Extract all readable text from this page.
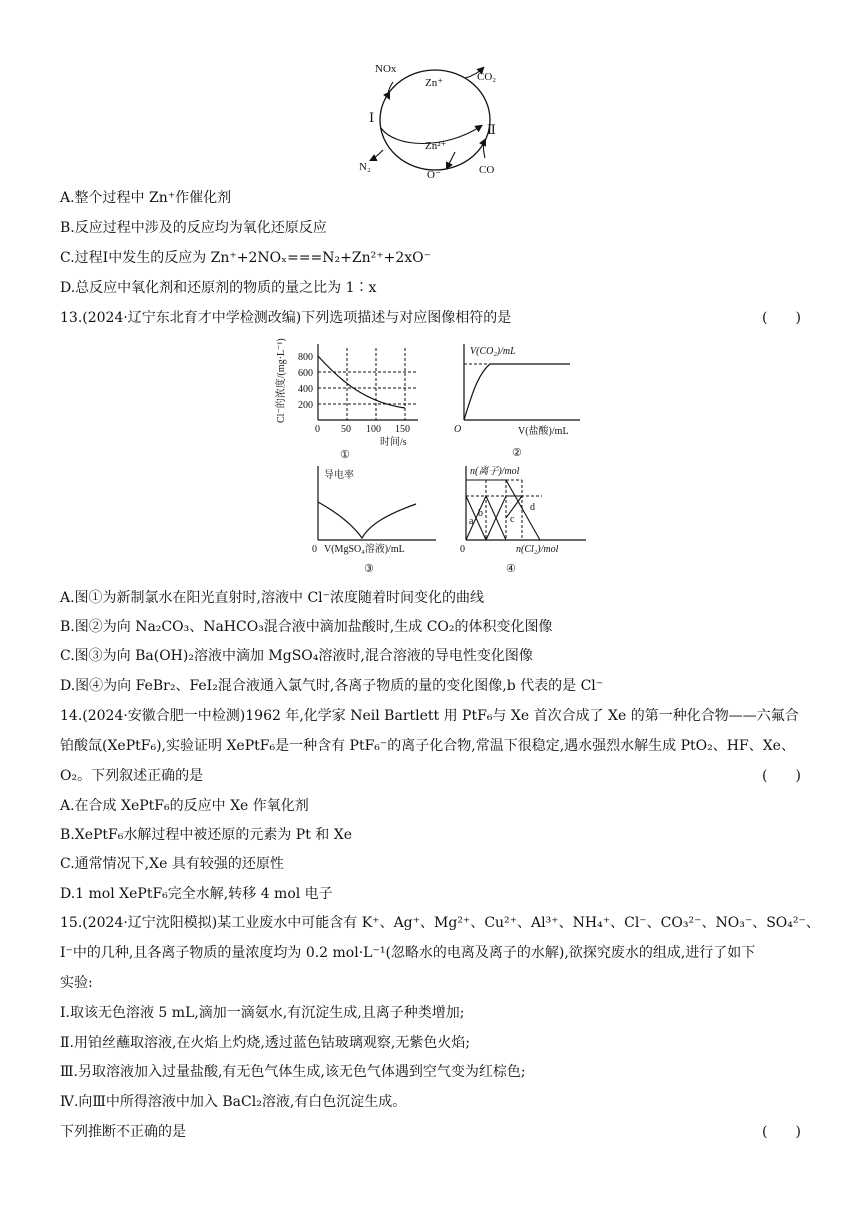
NOx
Zn⁺	CO₂
Ⅰ
Ⅱ
Zn²⁺
N₂
O⁻	CO
A.整个过程中 Zn⁺作催化剂
B.反应过程中涉及的反应均为氧化还原反应
C.过程Ⅰ中发生的反应为 Zn⁺+2NOₓ===N₂+Zn²⁺+2xO⁻
D.总反应中氧化剂和还原剂的物质的量之比为 1∶x
13.(2024·辽宁东北育才中学检测改编)下列选项描述与对应图像相符的是	(　　)
Cl⁻的浓度/(mg·L⁻¹) 800
600
400
200
0 50 100 150
时间/s
①
V(CO₂)/mL
O	V(盐酸)/mL
②
导电率
0 V(MgSO₄溶液)/mL
③
n(离子)/mol
a
b
c
d
0	n(Cl₂)/mol
④
A.图①为新制氯水在阳光直射时,溶液中 Cl⁻浓度随着时间变化的曲线
B.图②为向 Na₂CO₃、NaHCO₃混合液中滴加盐酸时,生成 CO₂的体积变化图像
C.图③为向 Ba(OH)₂溶液中滴加 MgSO₄溶液时,混合溶液的导电性变化图像
D.图④为向 FeBr₂、FeI₂混合液通入氯气时,各离子物质的量的变化图像,b 代表的是 Cl⁻
14.(2024·安徽合肥一中检测)1962 年,化学家 Neil Bartlett 用 PtF₆与 Xe 首次合成了 Xe 的第一种化合物——六氟合
铂酸氙(XePtF₆),实验证明 XePtF₆是一种含有 PtF₆⁻的离子化合物,常温下很稳定,遇水强烈水解生成 PtO₂、HF、Xe、
O₂。下列叙述正确的是	(　　)
A.在合成 XePtF₆的反应中 Xe 作氧化剂
B.XePtF₆水解过程中被还原的元素为 Pt 和 Xe
C.通常情况下,Xe 具有较强的还原性
D.1 mol XePtF₆完全水解,转移 4 mol 电子
15.(2024·辽宁沈阳模拟)某工业废水中可能含有 K⁺、Ag⁺、Mg²⁺、Cu²⁺、Al³⁺、NH₄⁺、Cl⁻、CO₃²⁻、NO₃⁻、SO₄²⁻、
I⁻中的几种,且各离子物质的量浓度均为 0.2 mol·L⁻¹(忽略水的电离及离子的水解),欲探究废水的组成,进行了如下
实验:
Ⅰ.取该无色溶液 5 mL,滴加一滴氨水,有沉淀生成,且离子种类增加;
Ⅱ.用铂丝蘸取溶液,在火焰上灼烧,透过蓝色钴玻璃观察,无紫色火焰;
Ⅲ.另取溶液加入过量盐酸,有无色气体生成,该无色气体遇到空气变为红棕色;
Ⅳ.向Ⅲ中所得溶液中加入 BaCl₂溶液,有白色沉淀生成。
下列推断不正确的是	(　　)
